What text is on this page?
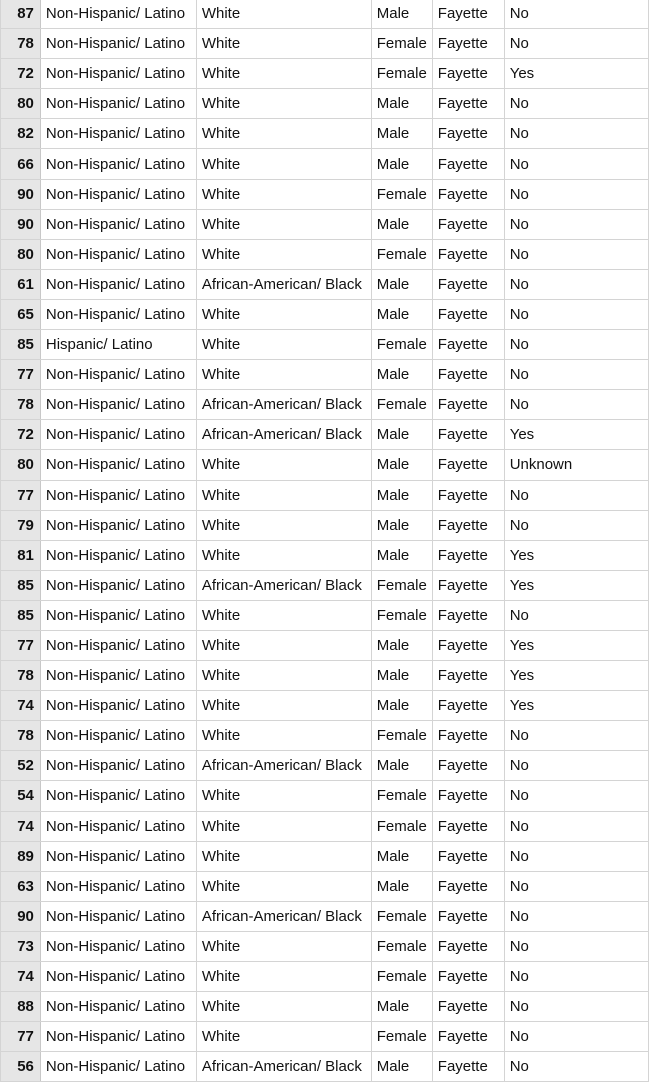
87	Non-Hispanic/ Latino	White	Male	Fayette	No
78	Non-Hispanic/ Latino	White	Female	Fayette	No
72	Non-Hispanic/ Latino	White	Female	Fayette	Yes
80	Non-Hispanic/ Latino	White	Male	Fayette	No
82	Non-Hispanic/ Latino	White	Male	Fayette	No
66	Non-Hispanic/ Latino	White	Male	Fayette	No
90	Non-Hispanic/ Latino	White	Female	Fayette	No
90	Non-Hispanic/ Latino	White	Male	Fayette	No
80	Non-Hispanic/ Latino	White	Female	Fayette	No
61	Non-Hispanic/ Latino	African-American/ Black	Male	Fayette	No
65	Non-Hispanic/ Latino	White	Male	Fayette	No
85	Hispanic/ Latino	White	Female	Fayette	No
77	Non-Hispanic/ Latino	White	Male	Fayette	No
78	Non-Hispanic/ Latino	African-American/ Black	Female	Fayette	No
72	Non-Hispanic/ Latino	African-American/ Black	Male	Fayette	Yes
80	Non-Hispanic/ Latino	White	Male	Fayette	Unknown
77	Non-Hispanic/ Latino	White	Male	Fayette	No
79	Non-Hispanic/ Latino	White	Male	Fayette	No
81	Non-Hispanic/ Latino	White	Male	Fayette	Yes
85	Non-Hispanic/ Latino	African-American/ Black	Female	Fayette	Yes
85	Non-Hispanic/ Latino	White	Female	Fayette	No
77	Non-Hispanic/ Latino	White	Male	Fayette	Yes
78	Non-Hispanic/ Latino	White	Male	Fayette	Yes
74	Non-Hispanic/ Latino	White	Male	Fayette	Yes
78	Non-Hispanic/ Latino	White	Female	Fayette	No
52	Non-Hispanic/ Latino	African-American/ Black	Male	Fayette	No
54	Non-Hispanic/ Latino	White	Female	Fayette	No
74	Non-Hispanic/ Latino	White	Female	Fayette	No
89	Non-Hispanic/ Latino	White	Male	Fayette	No
63	Non-Hispanic/ Latino	White	Male	Fayette	No
90	Non-Hispanic/ Latino	African-American/ Black	Female	Fayette	No
73	Non-Hispanic/ Latino	White	Female	Fayette	No
74	Non-Hispanic/ Latino	White	Female	Fayette	No
88	Non-Hispanic/ Latino	White	Male	Fayette	No
77	Non-Hispanic/ Latino	White	Female	Fayette	No
56	Non-Hispanic/ Latino	African-American/ Black	Male	Fayette	No
